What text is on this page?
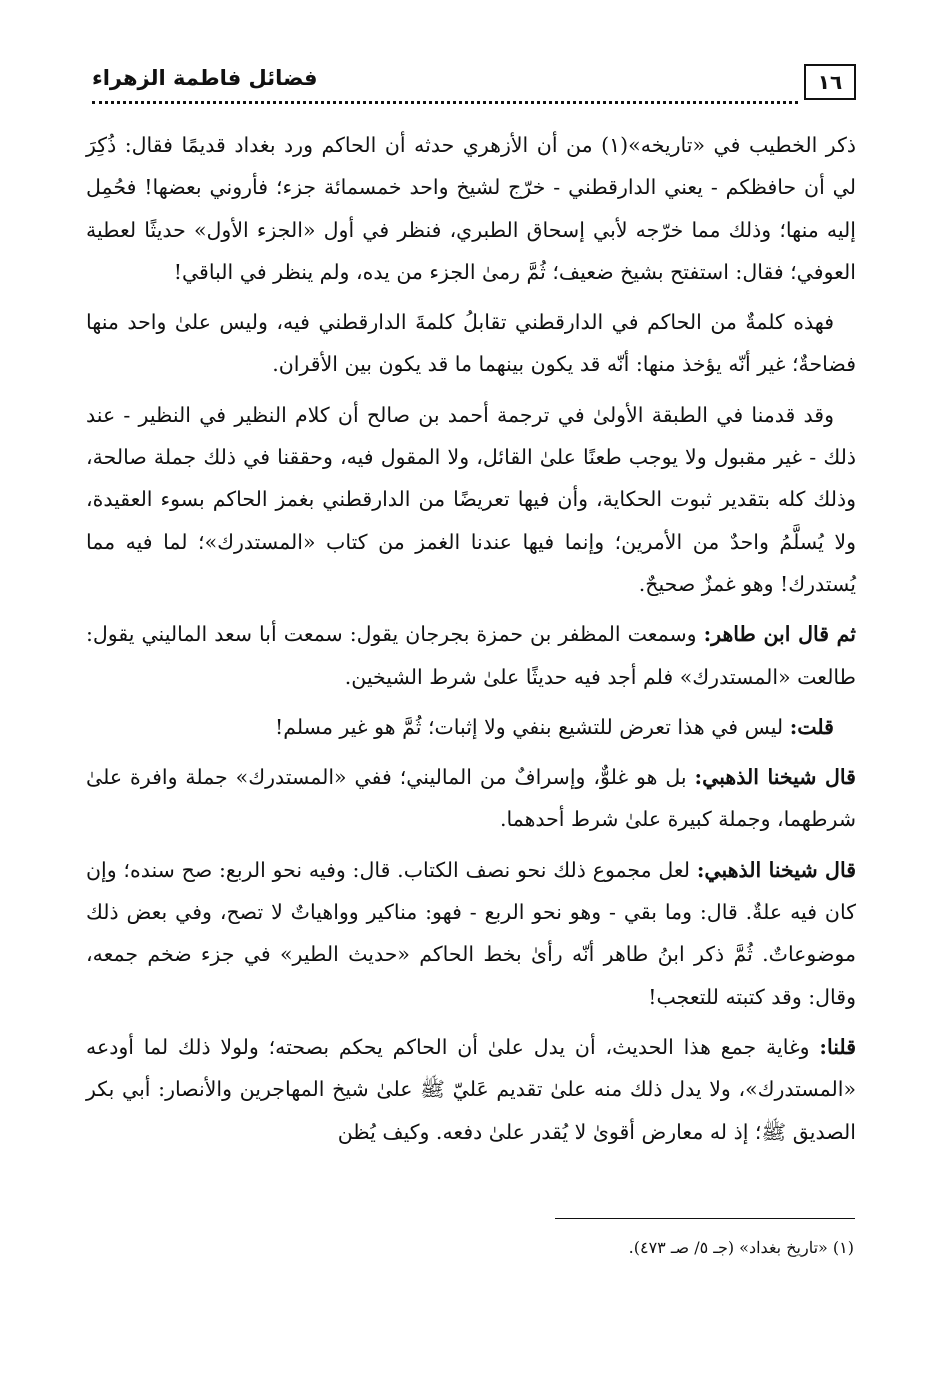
١٦
فضائل فاطمة الزهراء

ذكر الخطيب في «تاريخه»(١) من أن الأزهري حدثه أن الحاكم ورد بغداد قديمًا فقال: ذُكِرَ لي أن حافظكم - يعني الدارقطني - خرّج لشيخ واحد خمسمائة جزء؛ فأروني بعضها! فحُمِل إليه منها؛ وذلك مما خرّجه لأبي إسحاق الطبري، فنظر في أول «الجزء الأول» حديثًا لعطية العوفي؛ فقال: استفتح بشيخ ضعيف؛ ثُمَّ رمىٰ الجزء من يده، ولم ينظر في الباقي!

فهذه كلمةٌ من الحاكم في الدارقطني تقابلُ كلمةَ الدارقطني فيه، وليس علىٰ واحد منها فضاحةٌ؛ غير أنّه يؤخذ منها: أنّه قد يكون بينهما ما قد يكون بين الأقران.

وقد قدمنا في الطبقة الأولىٰ في ترجمة أحمد بن صالح أن كلام النظير في النظير - عند ذلك - غير مقبول ولا يوجب طعنًا علىٰ القائل، ولا المقول فيه، وحققنا في ذلك جملة صالحة، وذلك كله بتقدير ثبوت الحكاية، وأن فيها تعريضًا من الدارقطني بغمز الحاكم بسوء العقيدة، ولا يُسلَّمُ واحدٌ من الأمرين؛ وإنما فيها عندنا الغمز من كتاب «المستدرك»؛ لما فيه مما يُستدرك! وهو غمزٌ صحيحٌ.

ثم قال ابن طاهر: وسمعت المظفر بن حمزة بجرجان يقول: سمعت أبا سعد الماليني يقول: طالعت «المستدرك» فلم أجد فيه حديثًا علىٰ شرط الشيخين.

قلت: ليس في هذا تعرض للتشيع بنفي ولا إثبات؛ ثُمَّ هو غير مسلم!

قال شيخنا الذهبي: بل هو غلوٌّ، وإسرافٌ من الماليني؛ ففي «المستدرك» جملة وافرة علىٰ شرطهما، وجملة كبيرة علىٰ شرط أحدهما.

قال شيخنا الذهبي: لعل مجموع ذلك نحو نصف الكتاب. قال: وفيه نحو الربع: صح سنده؛ وإن كان فيه علةٌ. قال: وما بقي - وهو نحو الربع - فهو: مناكير وواهياتٌ لا تصح، وفي بعض ذلك موضوعاتٌ. ثُمَّ ذكر ابنُ طاهر أنّه رأىٰ بخط الحاكم «حديث الطير» في جزء ضخم جمعه، وقال: وقد كتبته للتعجب!

قلنا: وغاية جمع هذا الحديث، أن يدل علىٰ أن الحاكم يحكم بصحته؛ ولولا ذلك لما أودعه «المستدرك»، ولا يدل ذلك منه علىٰ تقديم عَليّ ﷺ علىٰ شيخ المهاجرين والأنصار: أبي بكر الصديق ﷺ؛ إذ له معارض أقوىٰ لا يُقدر علىٰ دفعه. وكيف يُظن

(١) «تاريخ بغداد» (جـ ٥/ صـ ٤٧٣).
